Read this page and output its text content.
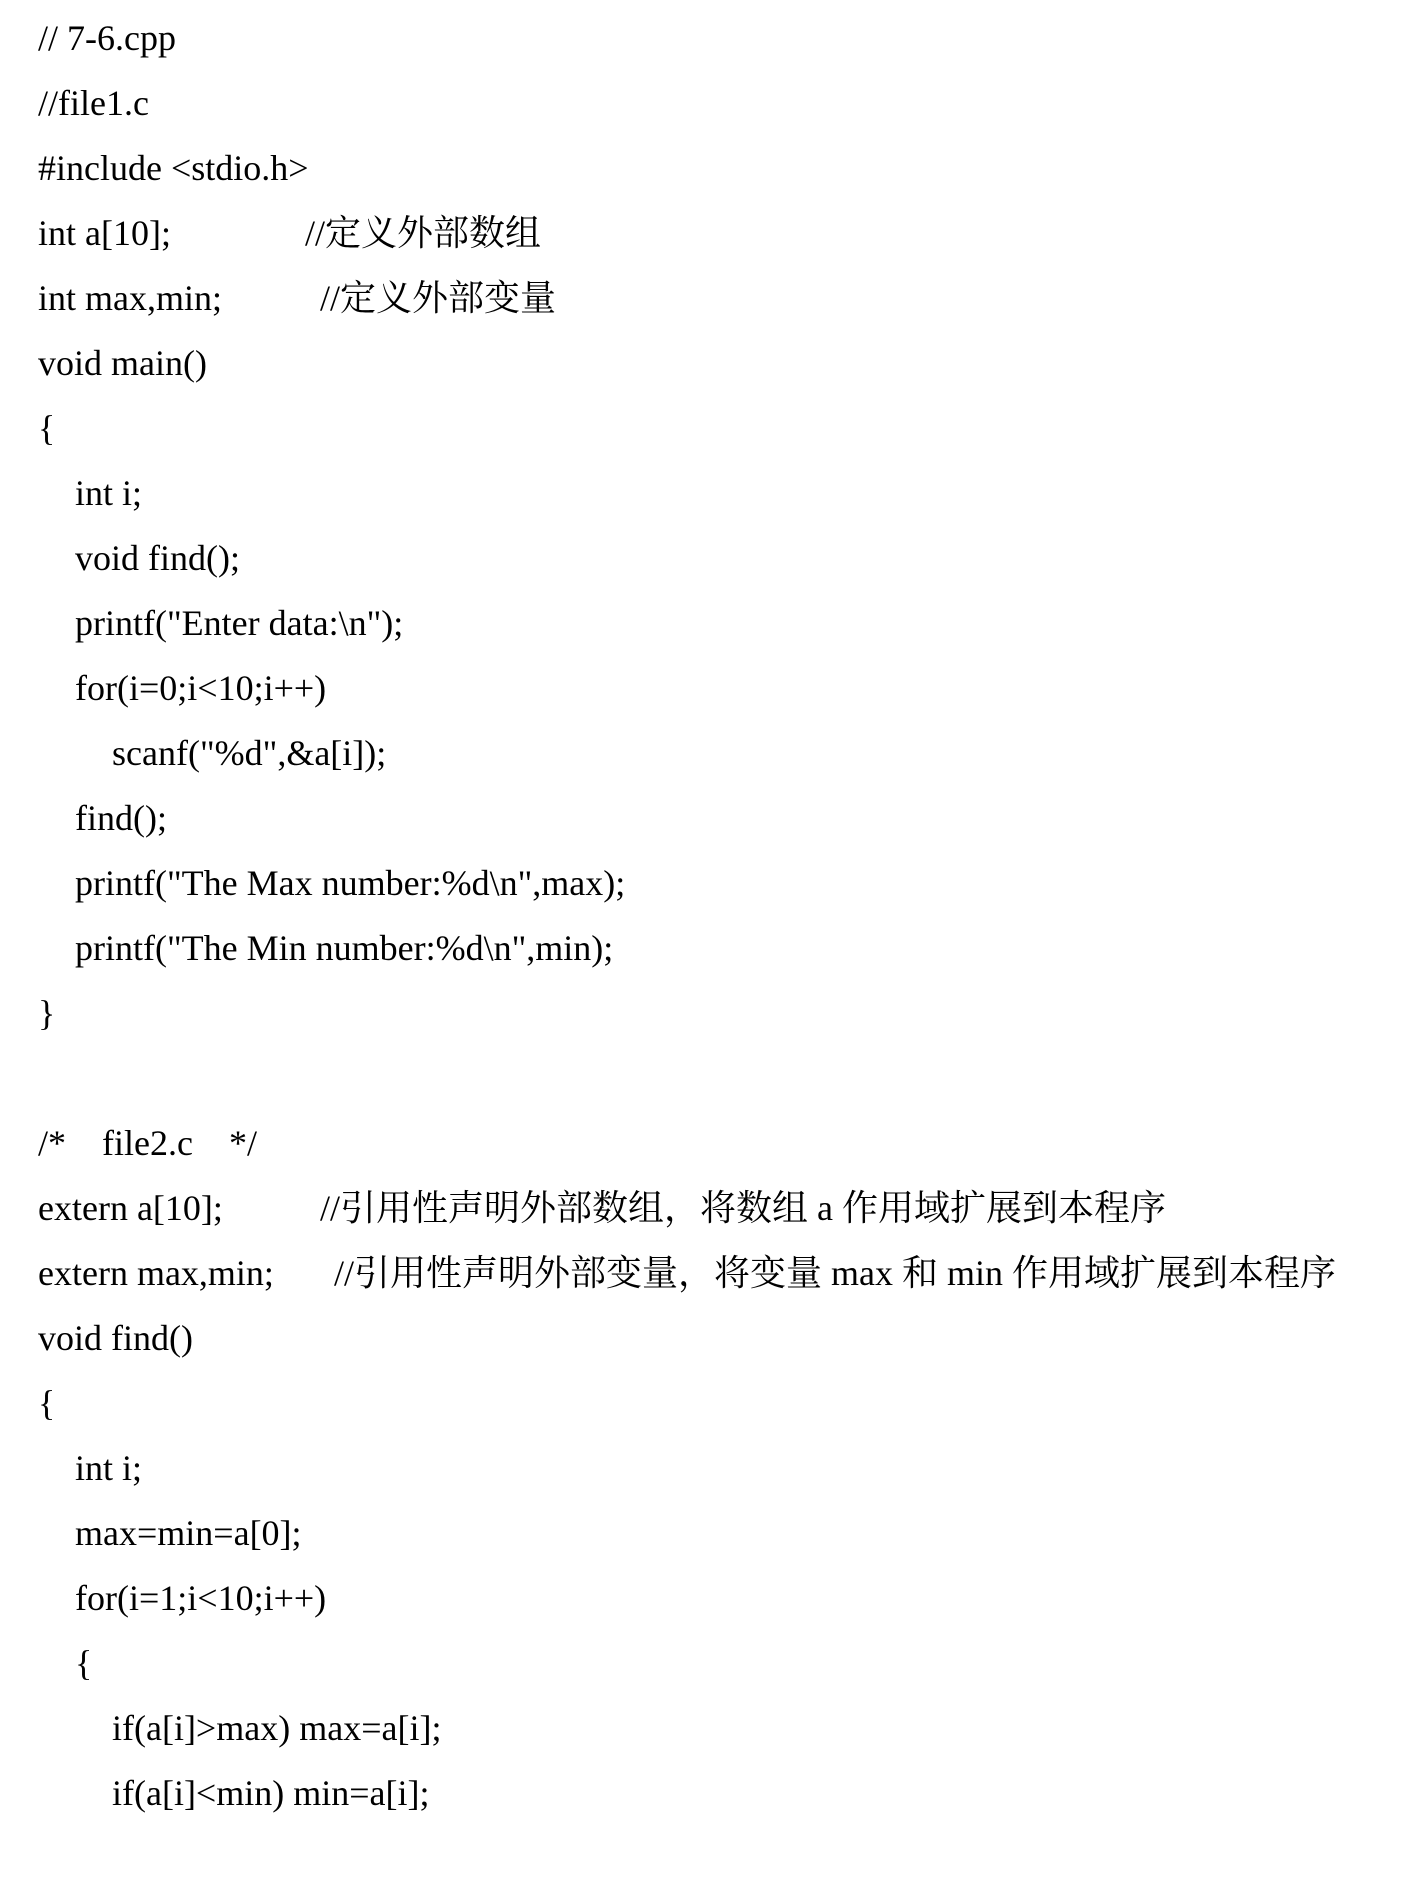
// 7-6.cpp

//file1.c

#include <stdio.h>

int a[10];

	//定义外部数组

int max,min;

	//定义外部变量

void main()

{

int i;

void find();

printf("Enter data:\n");

for(i=0;i<10;i++)

scanf("%d",&a[i]);

find();

printf("The Max number:%d\n",max);

printf("The Min number:%d\n",min);

}

/*    file2.c    */

extern a[10];

	//引用性声明外部数组，将数组 a 作用域扩展到本程序

extern max,min;

//引用性声明外部变量，将变量 max 和 min 作用域扩展到本程序

void find()

{

int i;

max=min=a[0];

for(i=1;i<10;i++)

{

if(a[i]>max) max=a[i];

if(a[i]<min) min=a[i];
